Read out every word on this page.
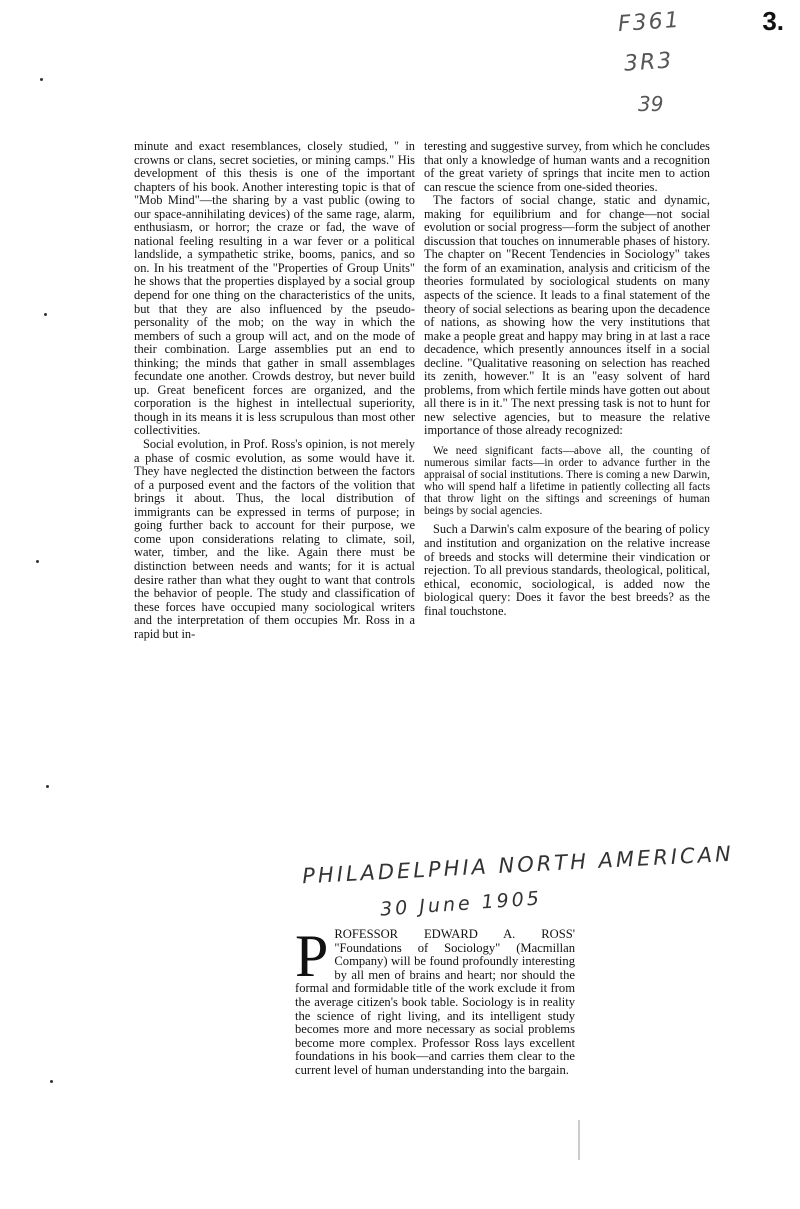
3.
F361
3R3
39

minute and exact resemblances, closely studied, " in crowns or clans, secret societies, or mining camps." His development of this thesis is one of the important chapters of his book. Another interesting topic is that of "Mob Mind"—the sharing by a vast public (owing to our space-annihilating devices) of the same rage, alarm, enthusiasm, or horror; the craze or fad, the wave of national feeling resulting in a war fever or a political landslide, a sympathetic strike, booms, panics, and so on. In his treatment of the "Properties of Group Units" he shows that the properties displayed by a social group depend for one thing on the characteristics of the units, but that they are also influenced by the pseudo-personality of the mob; on the way in which the members of such a group will act, and on the mode of their combination. Large assemblies put an end to thinking; the minds that gather in small assemblages fecundate one another. Crowds destroy, but never build up. Great beneficent forces are organized, and the corporation is the highest in intellectual superiority, though in its means it is less scrupulous than most other collectivities.

Social evolution, in Prof. Ross's opinion, is not merely a phase of cosmic evolution, as some would have it. They have neglected the distinction between the factors of a purposed event and the factors of the volition that brings it about. Thus, the local distribution of immigrants can be expressed in terms of purpose; in going further back to account for their purpose, we come upon considerations relating to climate, soil, water, timber, and the like. Again there must be distinction between needs and wants; for it is actual desire rather than what they ought to want that controls the behavior of people. The study and classification of these forces have occupied many sociological writers and the interpretation of them occupies Mr. Ross in a rapid but in-

teresting and suggestive survey, from which he concludes that only a knowledge of human wants and a recognition of the great variety of springs that incite men to action can rescue the science from one-sided theories.

The factors of social change, static and dynamic, making for equilibrium and for change—not social evolution or social progress—form the subject of another discussion that touches on innumerable phases of history. The chapter on "Recent Tendencies in Sociology" takes the form of an examination, analysis and criticism of the theories formulated by sociological students on many aspects of the science. It leads to a final statement of the theory of social selections as bearing upon the decadence of nations, as showing how the very institutions that make a people great and happy may bring in at last a race decadence, which presently announces itself in a social decline. "Qualitative reasoning on selection has reached its zenith, however." It is an "easy solvent of hard problems, from which fertile minds have gotten out about all there is in it." The next pressing task is not to hunt for new selective agencies, but to measure the relative importance of those already recognized:

We need significant facts—above all, the counting of numerous similar facts—in order to advance further in the appraisal of social institutions. There is coming a new Darwin, who will spend half a lifetime in patiently collecting all facts that throw light on the siftings and screenings of human beings by social agencies.

Such a Darwin's calm exposure of the bearing of policy and institution and organization on the relative increase of breeds and stocks will determine their vindication or rejection. To all previous standards, theological, political, ethical, economic, sociological, is added now the biological query: Does it favor the best breeds? as the final touchstone.

PHILADELPHIA NORTH AMERICAN
30 June 1905
PROFESSOR EDWARD A. ROSS' "Foundations of Sociology" (Macmillan Company) will be found profoundly interesting by all men of brains and heart; nor should the formal and formidable title of the work exclude it from the average citizen's book table. Sociology is in reality the science of right living, and its intelligent study becomes more and more necessary as social problems become more complex. Professor Ross lays excellent foundations in his book—and carries them clear to the current level of human understanding into the bargain.
